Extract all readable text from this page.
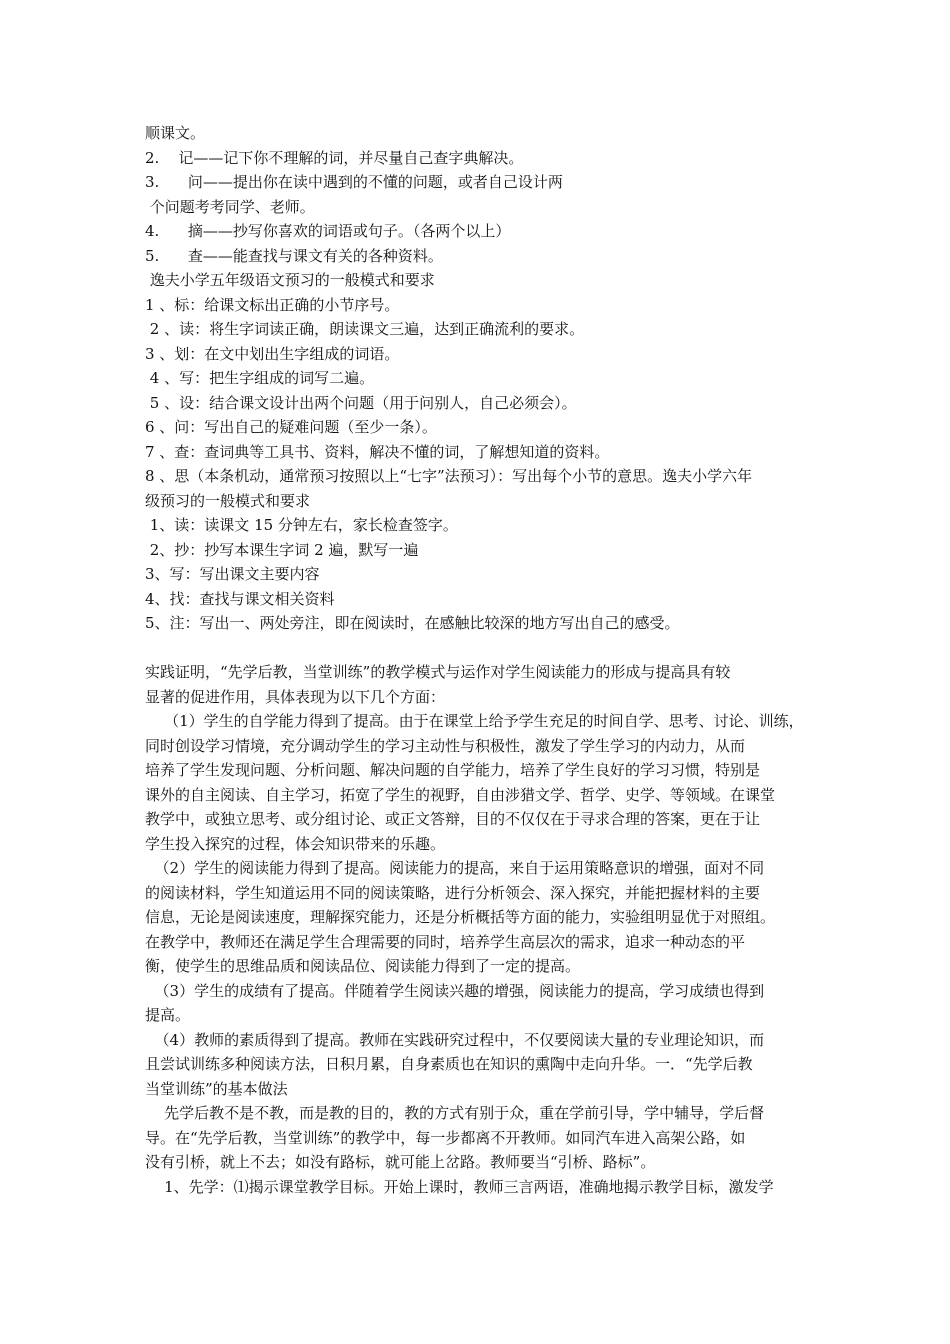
顺课文。
2.    记——记下你不理解的词，并尽量自己查字典解决。
3.      问——提出你在读中遇到的不懂的问题，或者自己设计两
个问题考考同学、老师。
4.      摘——抄写你喜欢的词语或句子。（各两个以上）
5.      查——能查找与课文有关的各种资料。
逸夫小学五年级语文预习的一般模式和要求
1 、标：给课文标出正确的小节序号。
2 、读：将生字词读正确，朗读课文三遍，达到正确流利的要求。
3 、划：在文中划出生字组成的词语。
4 、写：把生字组成的词写二遍。
5 、设：结合课文设计出两个问题（用于问别人，自己必须会）。
6 、问：写出自己的疑难问题（至少一条）。
7 、查：查词典等工具书、资料，解决不懂的词，了解想知道的资料。
8 、思（本条机动，通常预习按照以上“七字”法预习）：写出每个小节的意思。逸夫小学六年
级预习的一般模式和要求
1、读：读课文 15 分钟左右，家长检查签字。
2、抄：抄写本课生字词 2 遍，默写一遍
3、写：写出课文主要内容
4、找：查找与课文相关资料
5、注：写出一、两处旁注，即在阅读时，在感触比较深的地方写出自己的感受。
实践证明，“先学后教，当堂训练”的教学模式与运作对学生阅读能力的形成与提高具有较
显著的促进作用，具体表现为以下几个方面：
（1）学生的自学能力得到了提高。由于在课堂上给予学生充足的时间自学、思考、讨论、训练，
同时创设学习情境，充分调动学生的学习主动性与积极性，激发了学生学习的内动力，从而
培养了学生发现问题、分析问题、解决问题的自学能力，培养了学生良好的学习习惯，特别是
课外的自主阅读、自主学习，拓宽了学生的视野，自由涉猎文学、哲学、史学、等领域。在课堂
教学中，或独立思考、或分组讨论、或正文答辩，目的不仅仅在于寻求合理的答案，更在于让
学生投入探究的过程，体会知识带来的乐趣。
（2）学生的阅读能力得到了提高。阅读能力的提高，来自于运用策略意识的增强，面对不同
的阅读材料，学生知道运用不同的阅读策略，进行分析领会、深入探究，并能把握材料的主要
信息，无论是阅读速度，理解探究能力，还是分析概括等方面的能力，实验组明显优于对照组。
在教学中，教师还在满足学生合理需要的同时，培养学生高层次的需求，追求一种动态的平
衡，使学生的思维品质和阅读品位、阅读能力得到了一定的提高。
（3）学生的成绩有了提高。伴随着学生阅读兴趣的增强，阅读能力的提高，学习成绩也得到
提高。
（4）教师的素质得到了提高。教师在实践研究过程中，不仅要阅读大量的专业理论知识，而
且尝试训练多种阅读方法，日积月累，自身素质也在知识的熏陶中走向升华。一．“先学后教
当堂训练”的基本做法
先学后教不是不教，而是教的目的，教的方式有别于众，重在学前引导，学中辅导，学后督
导。在“先学后教，当堂训练”的教学中，每一步都离不开教师。如同汽车进入高架公路，如
没有引桥，就上不去；如没有路标，就可能上岔路。教师要当“引桥、路标”。
1、先学：⑴揭示课堂教学目标。开始上课时，教师三言两语，准确地揭示教学目标，激发学
